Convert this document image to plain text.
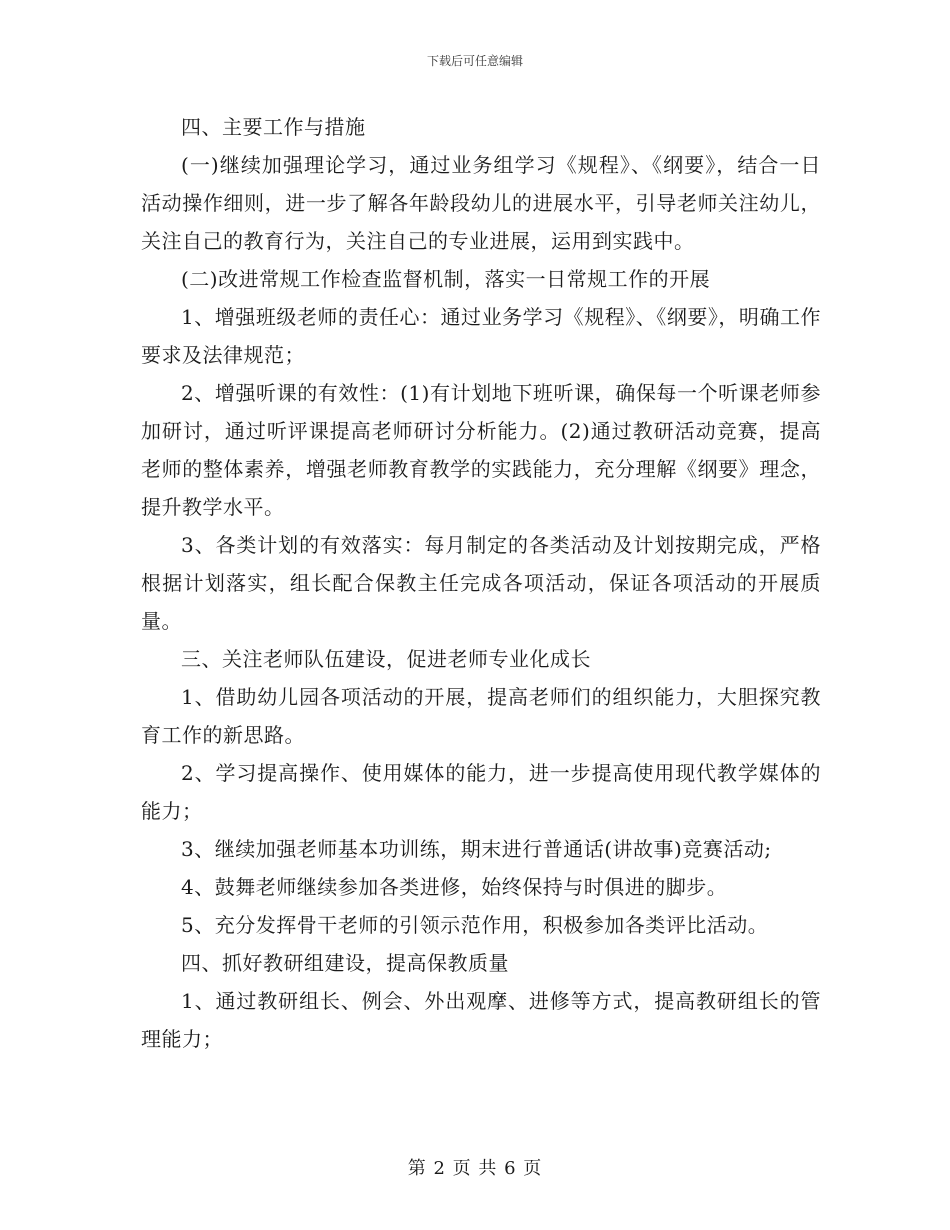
下载后可任意编辑

四、主要工作与措施

(一)继续加强理论学习，通过业务组学习《规程》、《纲要》，结合一日活动操作细则，进一步了解各年龄段幼儿的进展水平，引导老师关注幼儿，关注自己的教育行为，关注自己的专业进展，运用到实践中。

(二)改进常规工作检查监督机制，落实一日常规工作的开展

1、增强班级老师的责任心：通过业务学习《规程》、《纲要》，明确工作要求及法律规范；

2、增强听课的有效性：(1)有计划地下班听课，确保每一个听课老师参加研讨，通过听评课提高老师研讨分析能力。(2)通过教研活动竞赛，提高老师的整体素养，增强老师教育教学的实践能力，充分理解《纲要》理念，提升教学水平。

3、各类计划的有效落实：每月制定的各类活动及计划按期完成，严格根据计划落实，组长配合保教主任完成各项活动，保证各项活动的开展质量。

三、关注老师队伍建设，促进老师专业化成长

1、借助幼儿园各项活动的开展，提高老师们的组织能力，大胆探究教育工作的新思路。

2、学习提高操作、使用媒体的能力，进一步提高使用现代教学媒体的能力；

3、继续加强老师基本功训练，期末进行普通话(讲故事)竞赛活动;

4、鼓舞老师继续参加各类进修，始终保持与时俱进的脚步。

5、充分发挥骨干老师的引领示范作用，积极参加各类评比活动。

四、抓好教研组建设，提高保教质量

1、通过教研组长、例会、外出观摩、进修等方式，提高教研组长的管理能力；

第 2 页 共 6 页
